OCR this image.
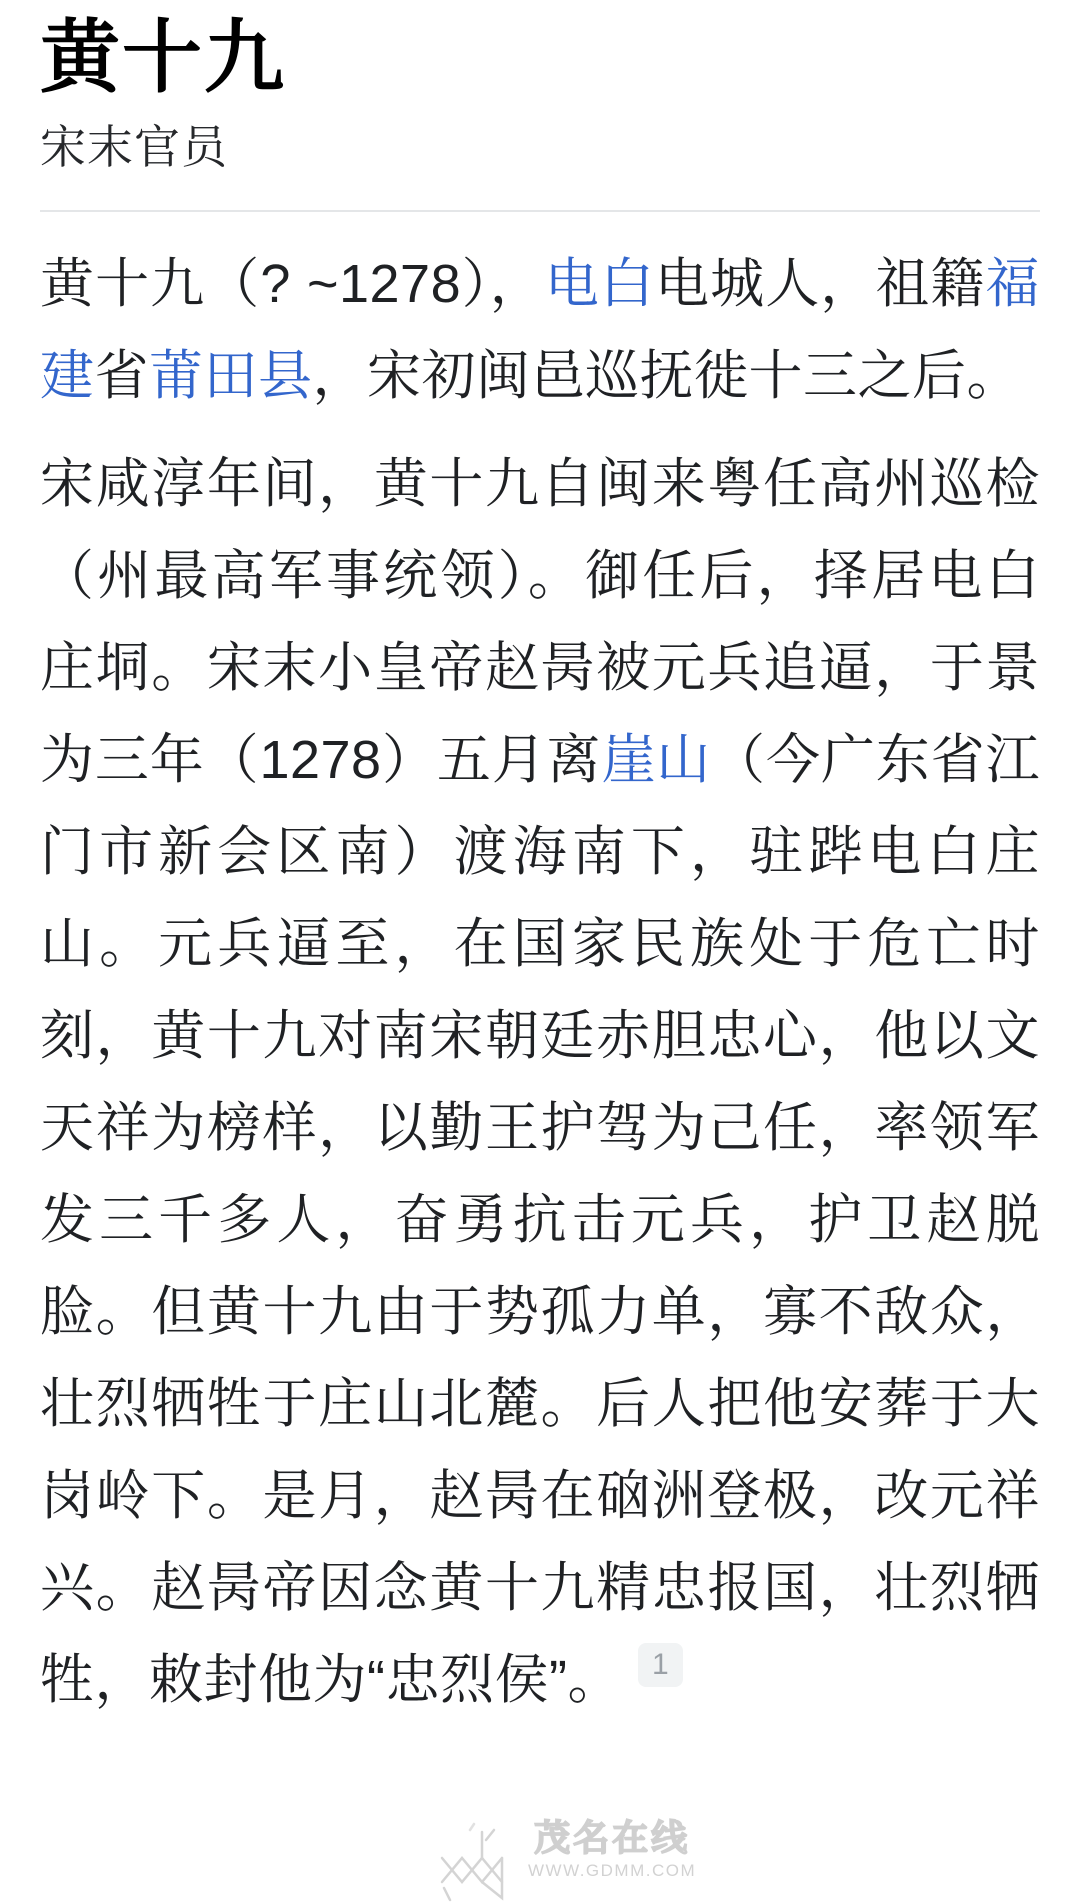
黄十九
宋末官员

黄十九（? ~1278），电白电城人，祖籍福建省莆田县，宋初闽邑巡抚徙十三之后。

宋咸淳年间，黄十九自闽来粤任高州巡检（州最高军事统领）。御任后，择居电白庄垌。宋末小皇帝赵昺被元兵追逼，于景为三年（1278）五月离崖山（今广东省江门市新会区南）渡海南下，驻跸电白庄山。元兵逼至，在国家民族处于危亡时刻，黄十九对南宋朝廷赤胆忠心，他以文天祥为榜样，以勤王护驾为己任，率领军发三千多人，奋勇抗击元兵，护卫赵脱脸。但黄十九由于势孤力单，寡不敌众，壮烈牺牲于庄山北麓。后人把他安葬于大岗岭下。是月，赵昺在硇洲登极，改元祥兴。赵昺帝因念黄十九精忠报国，壮烈牺牲，敕封他为“忠烈侯”。 $^1$

茂名在线
WWW.GDMM.COM
